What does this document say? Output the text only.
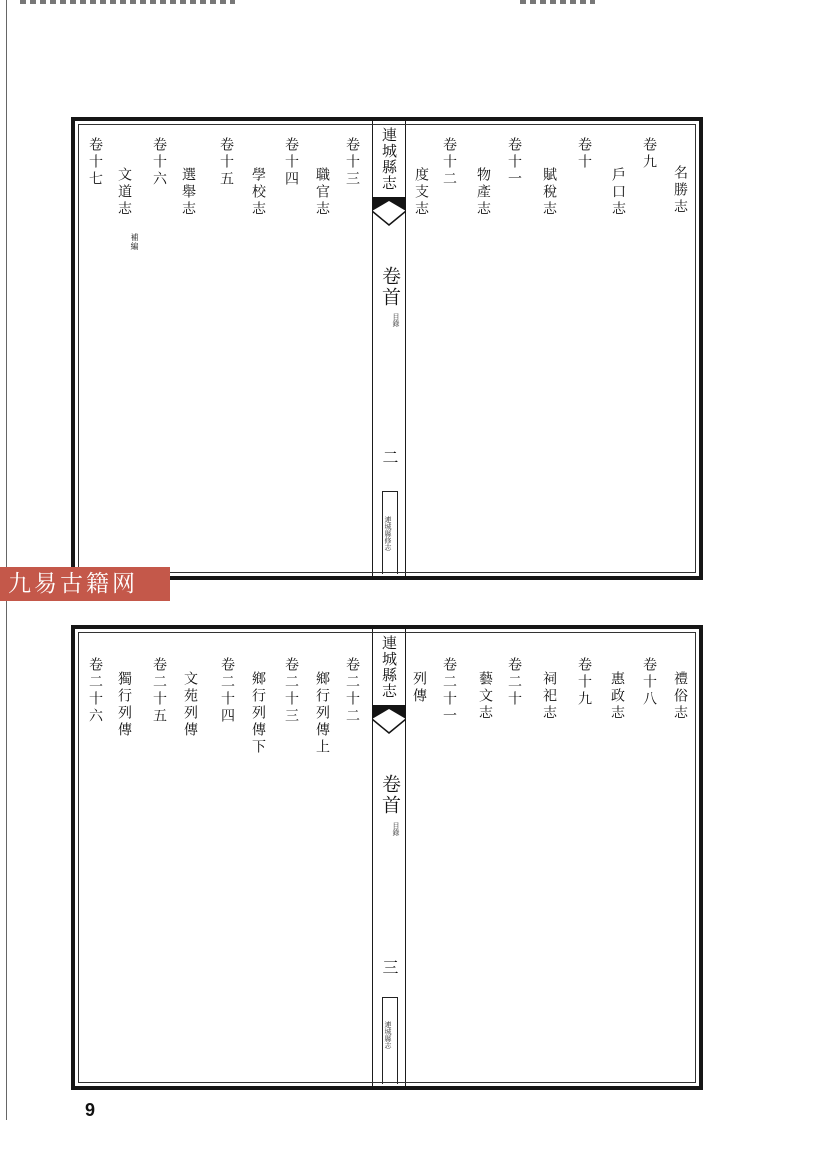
卷十七
補編
文道志
卷十六
選舉志
卷十五
學校志
卷十四
職官志
卷十三 連城縣志
卷首
目錄
二
連城縣修志
度支志
卷十二
物產志
卷十一
賦稅志
卷十
戶口志
卷九
名勝志
卷二十六 獨行列傳 卷二十五 文苑列傳 卷二十四 鄉行列傳下 卷二十三 鄉行列傳上 卷二十二 連城縣志
卷首
目錄
三
連城縣志
列傳 卷二十一 藝文志 卷二十 祠祀志 卷十九 惠政志 卷十八 禮俗志
九易古籍网
9
